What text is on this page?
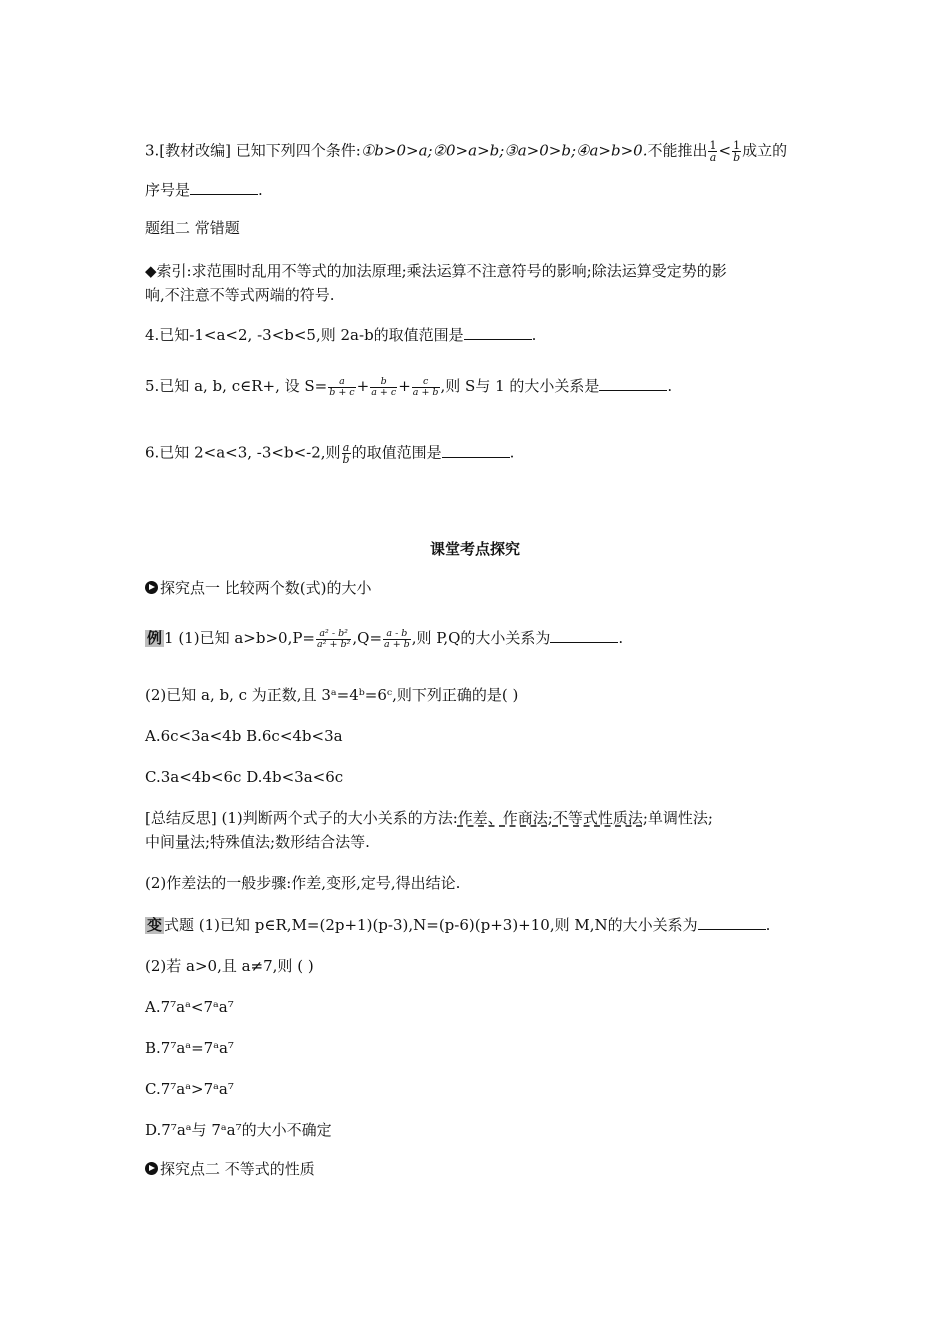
3.[教材改编] 已知下列四个条件:①b>0>a;②0>a>b;③a>0>b;④a>b>0.不能推出 $\frac{1}{a} < \frac{1}{b}$ 成立的
序号是	.
题组二 常错题
◆索引:求范围时乱用不等式的加法原理;乘法运算不注意符号的影响;除法运算受定势的影
响,不注意不等式两端的符号.
4.已知-1<a<2, -3<b<5,则 2a-b的取值范围是	.
5.已知 a, b, c∈R+, 设 $S= \frac{a}{b + c} + \frac{b}{a + c} + \frac{c}{a + b}$ ,则 S与 1 的大小关系是	.
6.已知 2<a<3, -3<b<-2,则 $\frac{a}{b}$ 的取值范围是	.
课堂考点探究
探究点一 比较两个数(式)的大小
例 1 (1)已知 $a>b>0,P= \frac{\text{a² - b²}}{\text{a² + b²}} ,Q= \frac{a - b}{a + b}$ ,则 P,Q的大小关系为	.
(2)已知 a, b, c 为正数,且 3ᵃ=4ᵇ=6ᶜ,则下列正确的是( )
A.6c<3a<4b B.6c<4b<3a
C.3a<4b<6c D.4b<3a<6c
[总结反思] (1)判断两个式子的大小关系的方法:作差、作商法;不等式性质法;单调性法;
中间量法;特殊值法;数形结合法等.
(2)作差法的一般步骤:作差,变形,定号,得出结论.
变 式题 (1)已知 p∈R,M=(2p+1)(p-3),N=(p-6)(p+3)+10,则 M,N的大小关系为	.
(2)若 a>0,且 a≠7,则 ( )
A.7⁷aᵃ<7ᵃa⁷
B.7⁷aᵃ=7ᵃa⁷
C.7⁷aᵃ>7ᵃa⁷
D.7⁷aᵃ与 7ᵃa⁷的大小不确定
探究点二 不等式的性质
